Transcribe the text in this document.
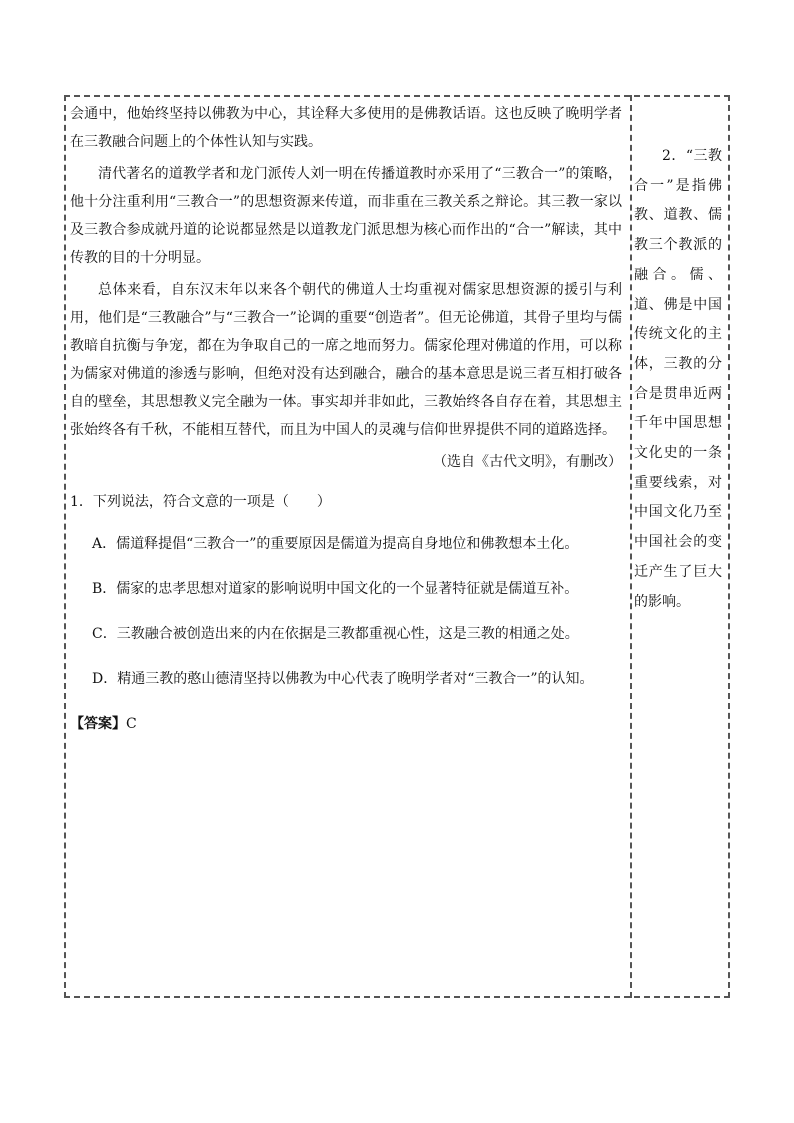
会通中，他始终坚持以佛教为中心，其诠释大多使用的是佛教话语。这也反映了晚明学者在三教融合问题上的个体性认知与实践。

清代著名的道教学者和龙门派传人刘一明在传播道教时亦采用了“三教合一”的策略，他十分注重利用“三教合一”的思想资源来传道，而非重在三教关系之辩论。其三教一家以及三教合参成就丹道的论说都显然是以道教龙门派思想为核心而作出的“合一”解读，其中传教的目的十分明显。

总体来看，自东汉末年以来各个朝代的佛道人士均重视对儒家思想资源的援引与利用，他们是“三教融合”与“三教合一”论调的重要“创造者”。但无论佛道，其骨子里均与儒教暗自抗衡与争宠，都在为争取自己的一席之地而努力。儒家伦理对佛道的作用，可以称为儒家对佛道的渗透与影响，但绝对没有达到融合，融合的基本意思是说三者互相打破各自的壁垒，其思想教义完全融为一体。事实却并非如此，三教始终各自存在着，其思想主张始终各有千秋，不能相互替代，而且为中国人的灵魂与信仰世界提供不同的道路选择。

（选自《古代文明》，有删改）

1．下列说法，符合文意的一项是（　　）

A．儒道释提倡“三教合一”的重要原因是儒道为提高自身地位和佛教想本土化。

B．儒家的忠孝思想对道家的影响说明中国文化的一个显著特征就是儒道互补。

C．三教融合被创造出来的内在依据是三教都重视心性，这是三教的相通之处。

D．精通三教的憨山德清坚持以佛教为中心代表了晚明学者对“三教合一”的认知。

【答案】C

2．“三教合一”是指佛教、道教、儒教三个教派的融合。儒、道、佛是中国传统文化的主体，三教的分合是贯串近两千年中国思想文化史的一条重要线索，对中国文化乃至中国社会的变迁产生了巨大的影响。
